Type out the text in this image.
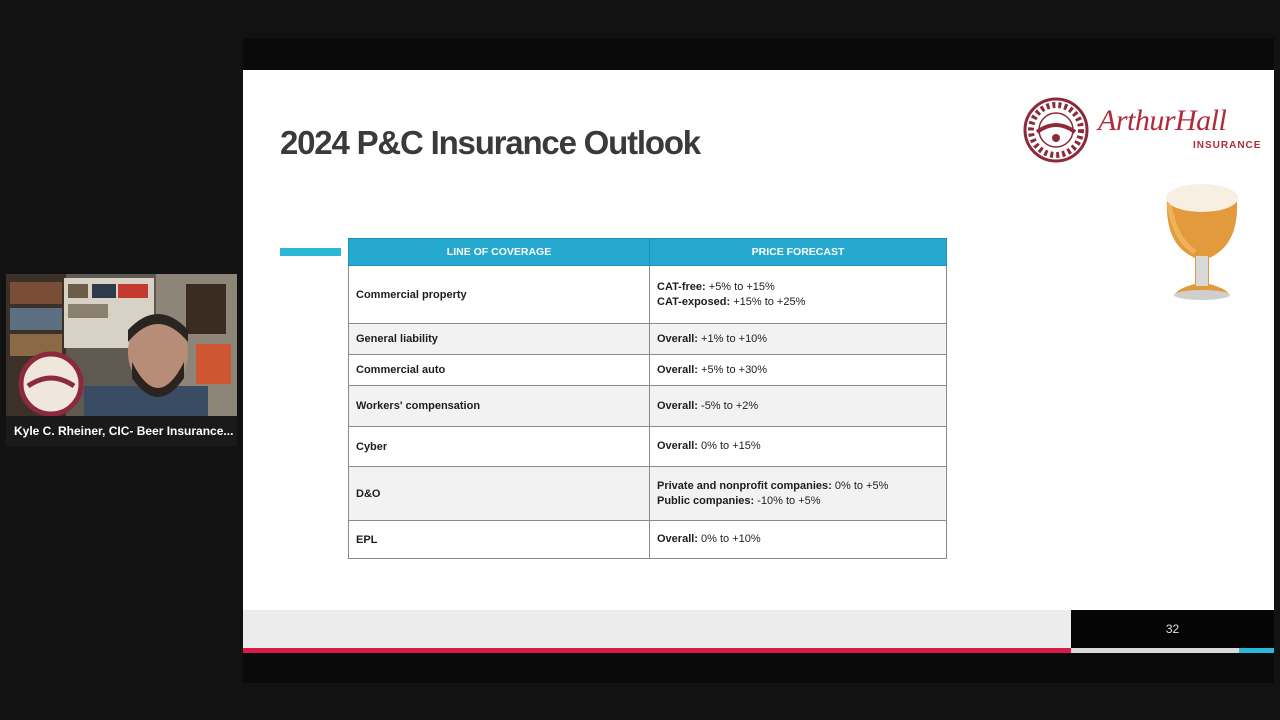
2024 P&C Insurance Outlook
ArthurHall
INSURANCE
LINE OF COVERAGE	PRICE FORECAST
Commercial property	CAT-free: +5% to +15%
CAT-exposed: +15% to +25%

General liability	Overall: +1% to +10%

Commercial auto	Overall: +5% to +30%

Workers' compensation	Overall: -5% to +2%

Cyber	Overall: 0% to +15%

D&O	Private and nonprofit companies: 0% to +5%
Public companies: -10% to +5%

EPL	Overall: 0% to +10%
32
Kyle C. Rheiner, CIC- Beer Insurance...
